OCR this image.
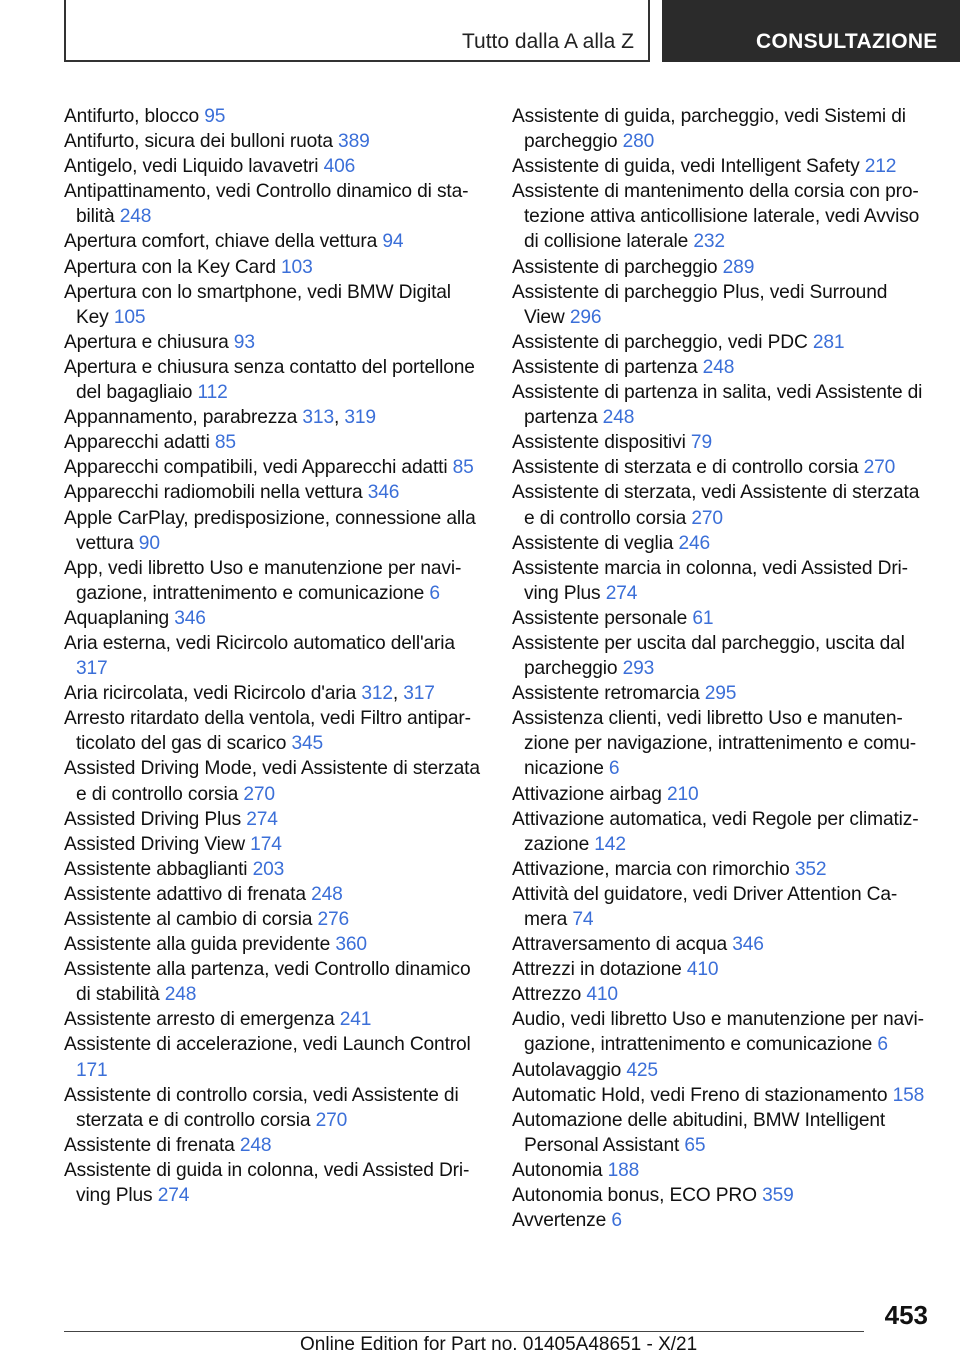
Tutto dalla A alla Z	CONSULTAZIONE
Antifurto, blocco 95
Antifurto, sicura dei bulloni ruota 389
Antigelo, vedi Liquido lavavetri 406
Antipattinamento, vedi Controllo dinamico di stabilità 248
Apertura comfort, chiave della vettura 94
Apertura con la Key Card 103
Apertura con lo smartphone, vedi BMW Digital Key 105
Apertura e chiusura 93
Apertura e chiusura senza contatto del portellone del bagagliaio 112
Appannamento, parabrezza 313, 319
Apparecchi adatti 85
Apparecchi compatibili, vedi Apparecchi adatti 85
Apparecchi radiomobili nella vettura 346
Apple CarPlay, predisposizione, connessione alla vettura 90
App, vedi libretto Uso e manutenzione per navigazione, intrattenimento e comunicazione 6
Aquaplaning 346
Aria esterna, vedi Ricircolo automatico dell'aria 317
Aria ricircolata, vedi Ricircolo d'aria 312, 317
Arresto ritardato della ventola, vedi Filtro antiparticolato del gas di scarico 345
Assisted Driving Mode, vedi Assistente di sterzata e di controllo corsia 270
Assisted Driving Plus 274
Assisted Driving View 174
Assistente abbaglianti 203
Assistente adattivo di frenata 248
Assistente al cambio di corsia 276
Assistente alla guida previdente 360
Assistente alla partenza, vedi Controllo dinamico di stabilità 248
Assistente arresto di emergenza 241
Assistente di accelerazione, vedi Launch Control 171
Assistente di controllo corsia, vedi Assistente di sterzata e di controllo corsia 270
Assistente di frenata 248
Assistente di guida in colonna, vedi Assisted Driving Plus 274
Assistente di guida, parcheggio, vedi Sistemi di parcheggio 280
Assistente di guida, vedi Intelligent Safety 212
Assistente di mantenimento della corsia con protezione attiva anticollisione laterale, vedi Avviso di collisione laterale 232
Assistente di parcheggio 289
Assistente di parcheggio Plus, vedi Surround View 296
Assistente di parcheggio, vedi PDC 281
Assistente di partenza 248
Assistente di partenza in salita, vedi Assistente di partenza 248
Assistente dispositivi 79
Assistente di sterzata e di controllo corsia 270
Assistente di sterzata, vedi Assistente di sterzata e di controllo corsia 270
Assistente di veglia 246
Assistente marcia in colonna, vedi Assisted Driving Plus 274
Assistente personale 61
Assistente per uscita dal parcheggio, uscita dal parcheggio 293
Assistente retromarcia 295
Assistenza clienti, vedi libretto Uso e manutenzione per navigazione, intrattenimento e comunicazione 6
Attivazione airbag 210
Attivazione automatica, vedi Regole per climatizzazione 142
Attivazione, marcia con rimorchio 352
Attività del guidatore, vedi Driver Attention Camera 74
Attraversamento di acqua 346
Attrezzi in dotazione 410
Attrezzo 410
Audio, vedi libretto Uso e manutenzione per navigazione, intrattenimento e comunicazione 6
Autolavaggio 425
Automatic Hold, vedi Freno di stazionamento 158
Automazione delle abitudini, BMW Intelligent Personal Assistant 65
Autonomia 188
Autonomia bonus, ECO PRO 359
Avvertenze 6
453
Online Edition for Part no. 01405A48651 - X/21
